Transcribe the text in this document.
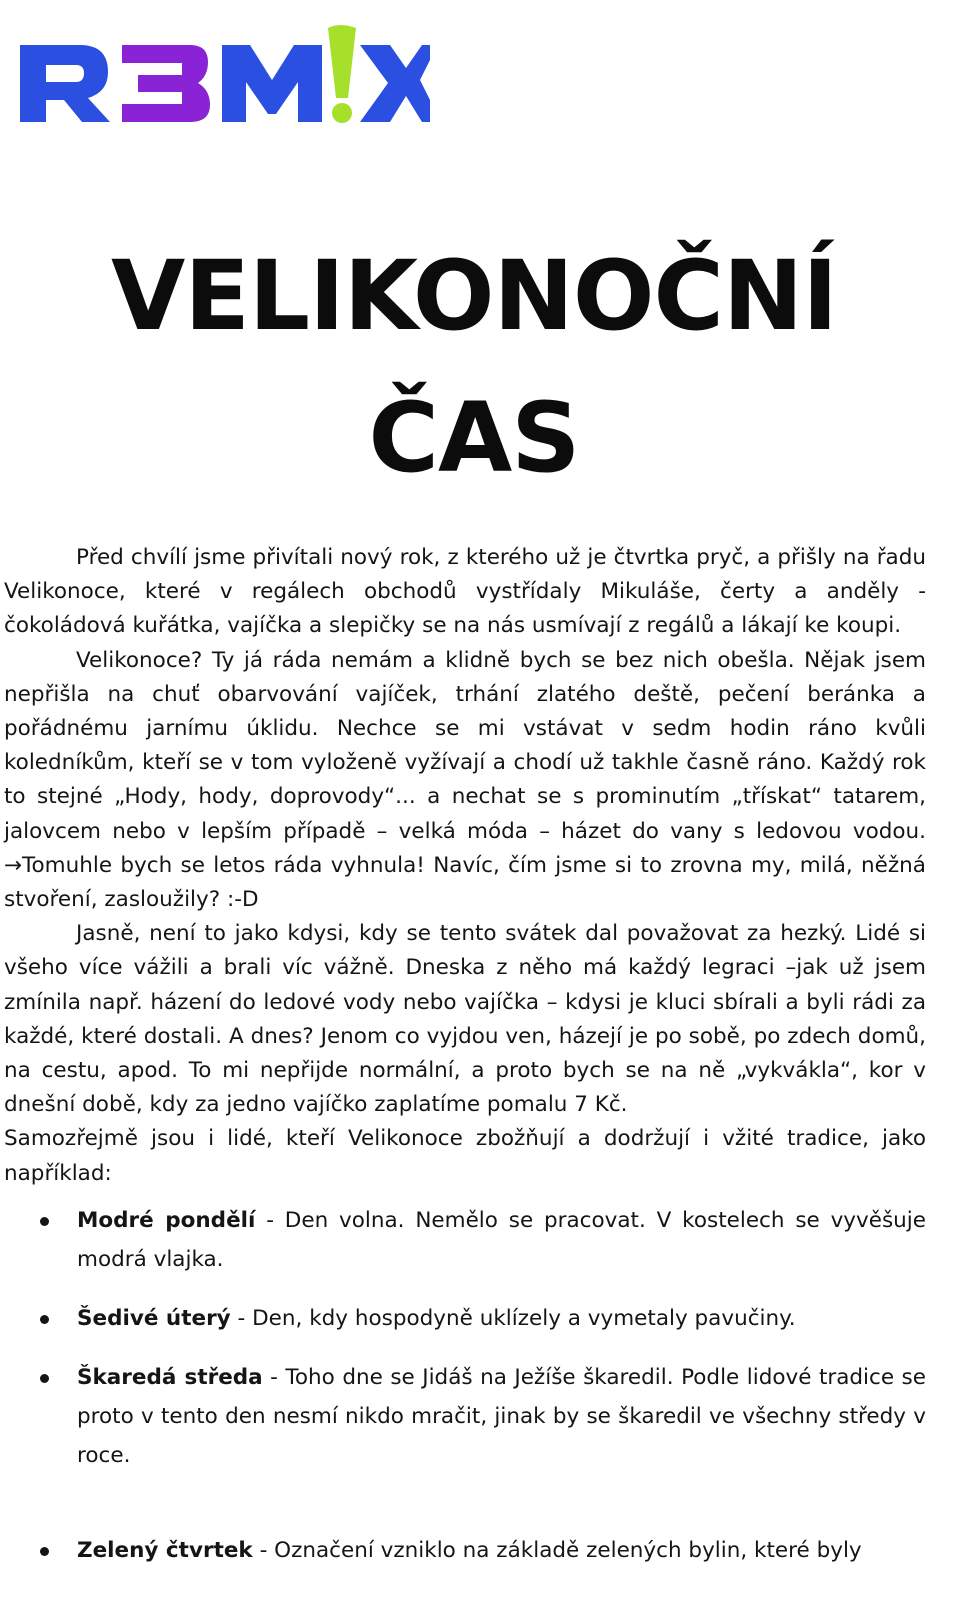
VELIKONOČNÍ
ČAS

Před chvílí jsme přivítali nový rok, z kterého už je čtvrtka pryč, a přišly na řadu Velikonoce, které v regálech obchodů vystřídaly Mikuláše, čerty a anděly - čokoládová kuřátka, vajíčka a slepičky se na nás usmívají z regálů a lákají ke koupi.

Velikonoce? Ty já ráda nemám a klidně bych se bez nich obešla. Nějak jsem nepřišla na chuť obarvování vajíček, trhání zlatého deště, pečení beránka a pořádnému jarnímu úklidu. Nechce se mi vstávat v sedm hodin ráno kvůli koledníkům, kteří se v tom vyloženě vyžívají a chodí už takhle časně ráno. Každý rok to stejné „Hody, hody, doprovody“... a nechat se s prominutím „třískat“ tatarem, jalovcem nebo v lepším případě – velká móda – házet do vany s ledovou vodou. →Tomuhle bych se letos ráda vyhnula! Navíc, čím jsme si to zrovna my, milá, něžná stvoření, zasloužily? :-D

Jasně, není to jako kdysi, kdy se tento svátek dal považovat za hezký. Lidé si všeho více vážili a brali víc vážně. Dneska z něho má každý legraci –jak už jsem zmínila např. házení do ledové vody nebo vajíčka – kdysi je kluci sbírali a byli rádi za každé, které dostali. A dnes? Jenom co vyjdou ven, házejí je po sobě, po zdech domů, na cestu, apod. To mi nepřijde normální, a proto bych se na ně „vykvákla“, kor v dnešní době, kdy za jedno vajíčko zaplatíme pomalu 7 Kč.

Samozřejmě jsou i lidé, kteří Velikonoce zbožňují a dodržují i vžité tradice, jako například:

Modré pondělí - Den volna. Nemělo se pracovat. V kostelech se vyvěšuje modrá vlajka.
Šedivé úterý - Den, kdy hospodyně uklízely a vymetaly pavučiny.
Škaredá středa - Toho dne se Jidáš na Ježíše škaredil. Podle lidové tradice se proto v tento den nesmí nikdo mračit, jinak by se škaredil ve všechny středy v roce.
Zelený čtvrtek - Označení vzniklo na základě zelených bylin, které byly
